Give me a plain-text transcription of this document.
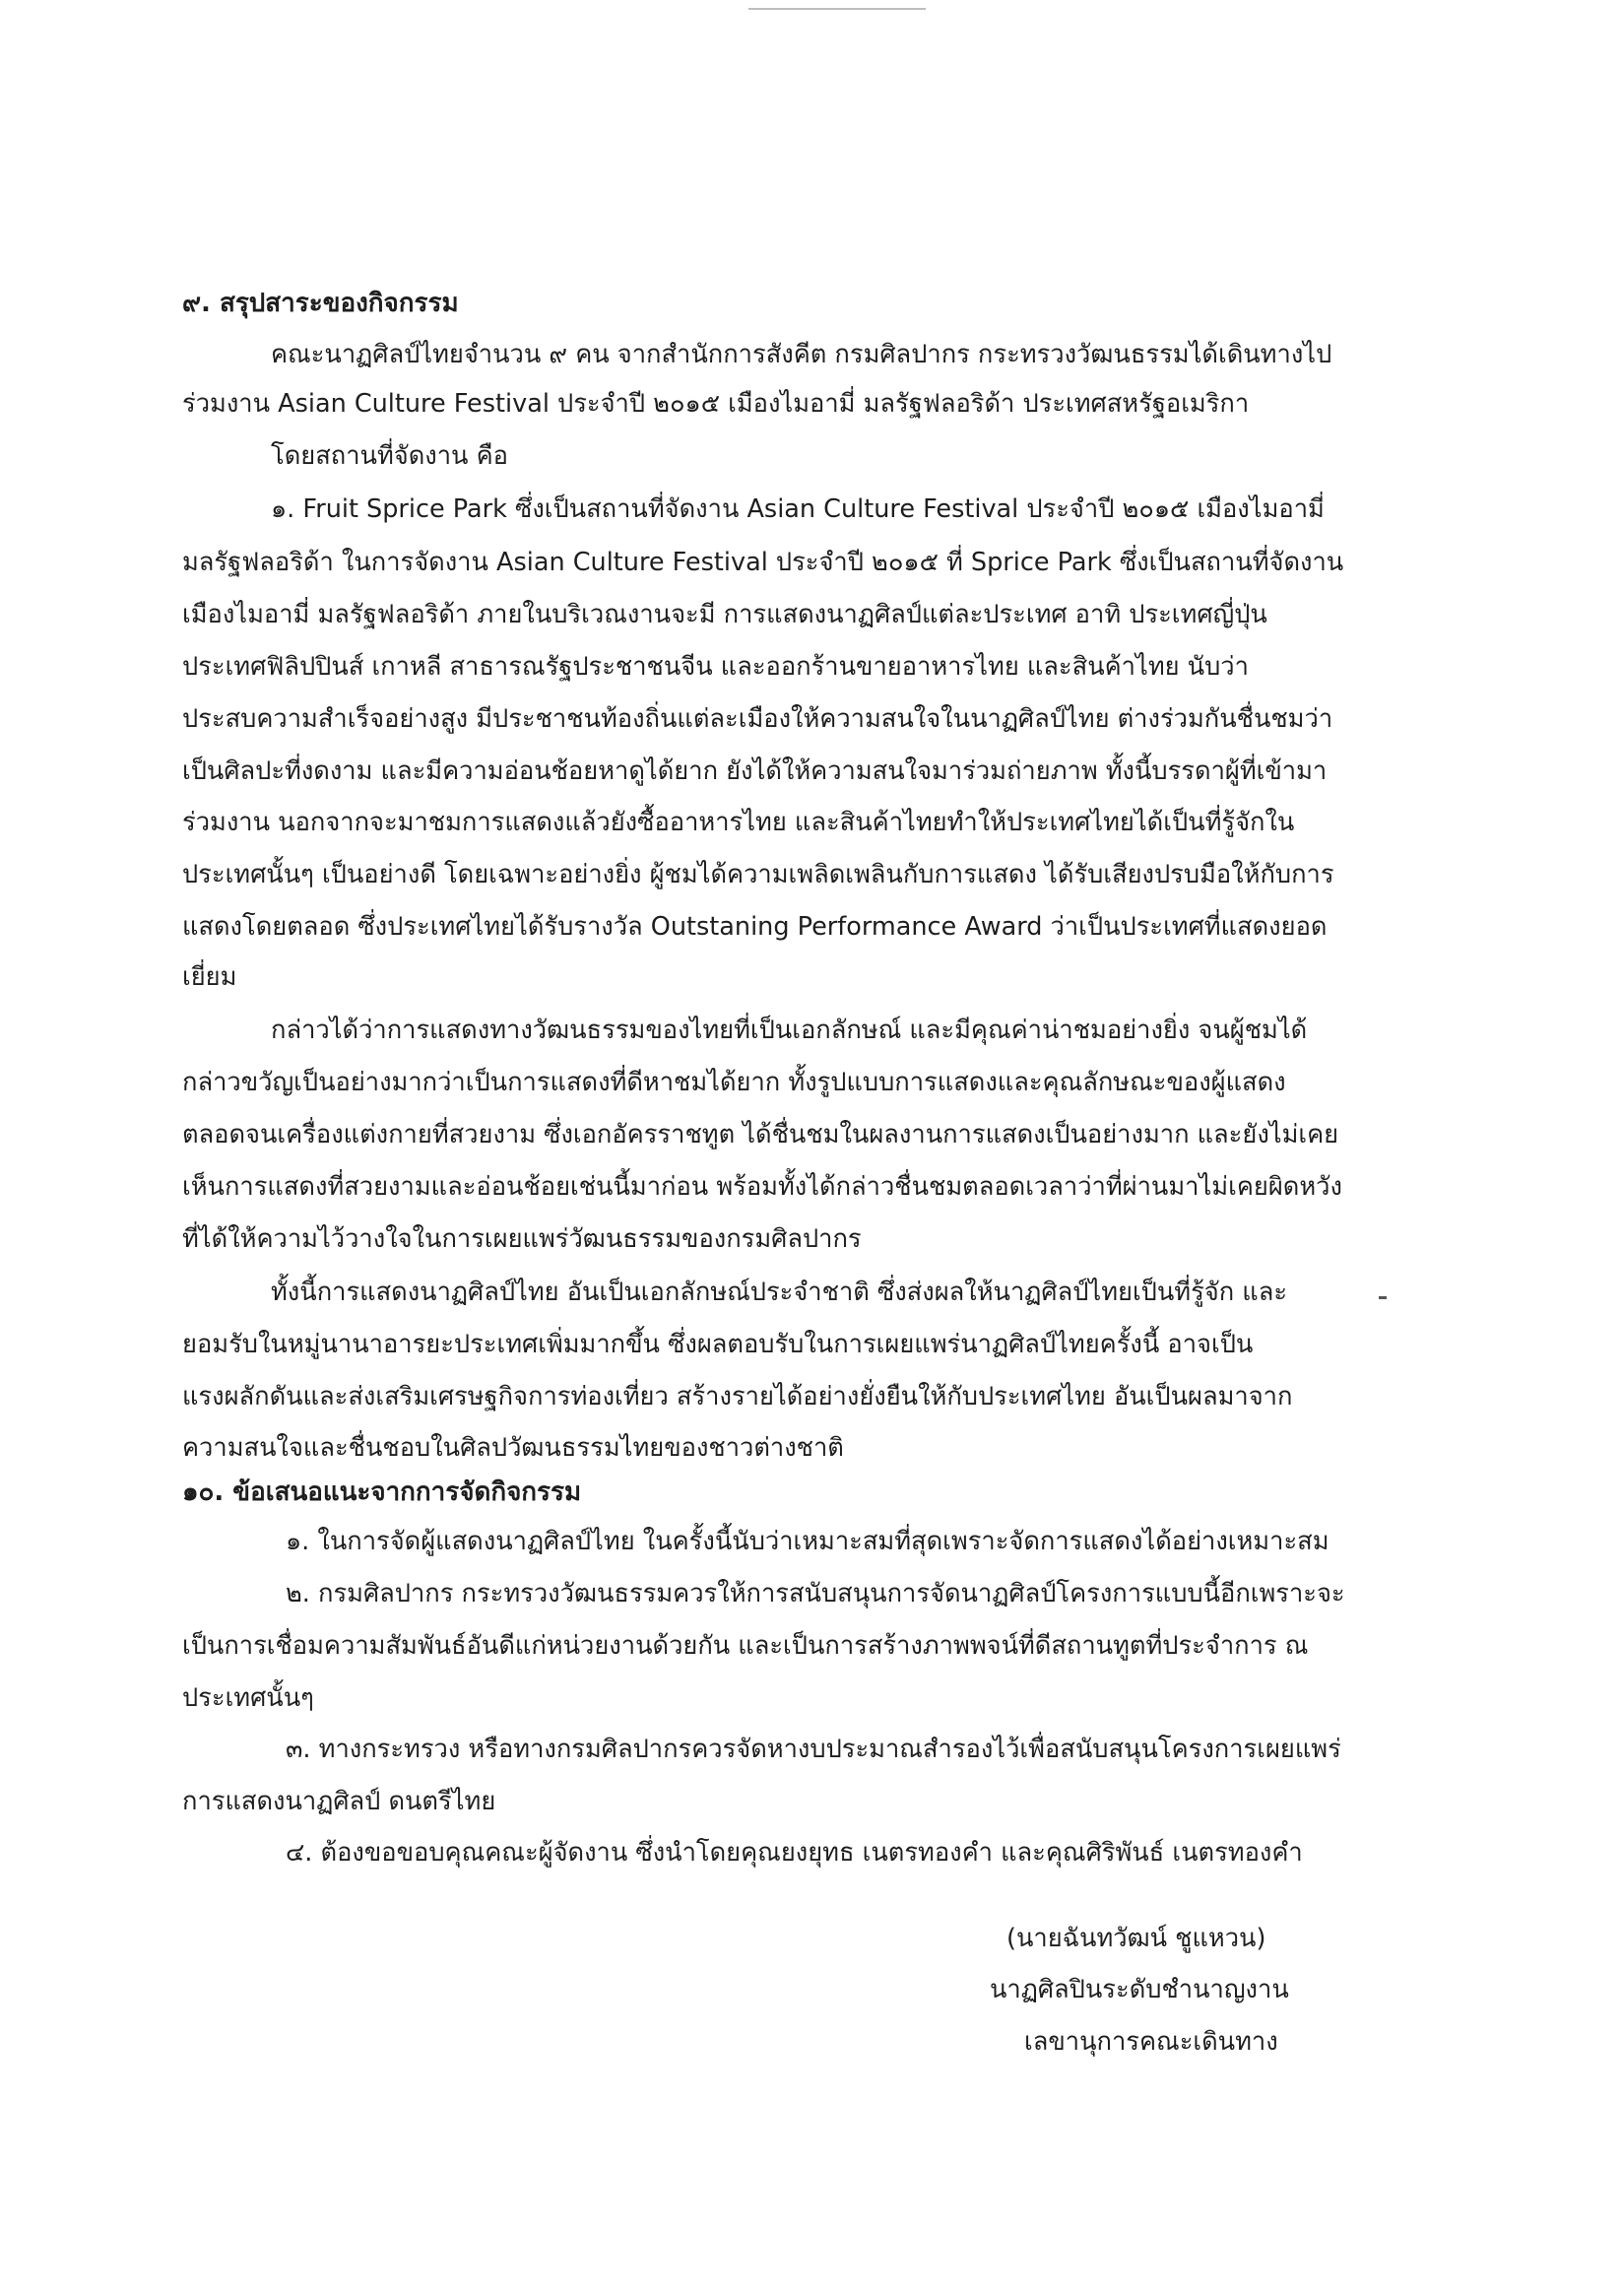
๙. สรุปสาระของกิจกรรม
คณะนาฏศิลป์ไทยจำนวน ๙ คน จากสำนักการสังคีต กรมศิลปากร กระทรวงวัฒนธรรมได้เดินทางไป
ร่วมงาน Asian Culture Festival ประจำปี ๒๐๑๕ เมืองไมอามี่ มลรัฐฟลอริด้า ประเทศสหรัฐอเมริกา
โดยสถานที่จัดงาน คือ
๑. Fruit Sprice Park ซึ่งเป็นสถานที่จัดงาน Asian Culture Festival ประจำปี ๒๐๑๕ เมืองไมอามี่
มลรัฐฟลอริด้า ในการจัดงาน Asian Culture Festival ประจำปี ๒๐๑๕ ที่ Sprice Park ซึ่งเป็นสถานที่จัดงาน
เมืองไมอามี่ มลรัฐฟลอริด้า ภายในบริเวณงานจะมี การแสดงนาฏศิลป์แต่ละประเทศ อาทิ ประเทศญี่ปุ่น
ประเทศฟิลิปปินส์ เกาหลี สาธารณรัฐประชาชนจีน และออกร้านขายอาหารไทย และสินค้าไทย นับว่า
ประสบความสำเร็จอย่างสูง มีประชาชนท้องถิ่นแต่ละเมืองให้ความสนใจในนาฏศิลป์ไทย ต่างร่วมกันชื่นชมว่า
เป็นศิลปะที่งดงาม และมีความอ่อนช้อยหาดูได้ยาก ยังได้ให้ความสนใจมาร่วมถ่ายภาพ ทั้งนี้บรรดาผู้ที่เข้ามา
ร่วมงาน นอกจากจะมาชมการแสดงแล้วยังซื้ออาหารไทย และสินค้าไทยทำให้ประเทศไทยได้เป็นที่รู้จักใน
ประเทศนั้นๆ เป็นอย่างดี โดยเฉพาะอย่างยิ่ง ผู้ชมได้ความเพลิดเพลินกับการแสดง ได้รับเสียงปรบมือให้กับการ
แสดงโดยตลอด ซึ่งประเทศไทยได้รับรางวัล Outstaning Performance Award ว่าเป็นประเทศที่แสดงยอด
เยี่ยม
กล่าวได้ว่าการแสดงทางวัฒนธรรมของไทยที่เป็นเอกลักษณ์ และมีคุณค่าน่าชมอย่างยิ่ง จนผู้ชมได้
กล่าวขวัญเป็นอย่างมากว่าเป็นการแสดงที่ดีหาชมได้ยาก ทั้งรูปแบบการแสดงและคุณลักษณะของผู้แสดง
ตลอดจนเครื่องแต่งกายที่สวยงาม ซึ่งเอกอัครราชทูต ได้ชื่นชมในผลงานการแสดงเป็นอย่างมาก และยังไม่เคย
เห็นการแสดงที่สวยงามและอ่อนช้อยเช่นนี้มาก่อน พร้อมทั้งได้กล่าวชื่นชมตลอดเวลาว่าที่ผ่านมาไม่เคยผิดหวัง
ที่ได้ให้ความไว้วางใจในการเผยแพร่วัฒนธรรมของกรมศิลปากร
ทั้งนี้การแสดงนาฏศิลป์ไทย อันเป็นเอกลักษณ์ประจำชาติ ซึ่งส่งผลให้นาฏศิลป์ไทยเป็นที่รู้จัก และ
ยอมรับในหมู่นานาอารยะประเทศเพิ่มมากขึ้น ซึ่งผลตอบรับในการเผยแพร่นาฏศิลป์ไทยครั้งนี้ อาจเป็น
แรงผลักดันและส่งเสริมเศรษฐกิจการท่องเที่ยว สร้างรายได้อย่างยั่งยืนให้กับประเทศไทย อันเป็นผลมาจาก
ความสนใจและชื่นชอบในศิลปวัฒนธรรมไทยของชาวต่างชาติ
๑๐. ข้อเสนอแนะจากการจัดกิจกรรม
๑. ในการจัดผู้แสดงนาฏศิลป์ไทย ในครั้งนี้นับว่าเหมาะสมที่สุดเพราะจัดการแสดงได้อย่างเหมาะสม
๒. กรมศิลปากร กระทรวงวัฒนธรรมควรให้การสนับสนุนการจัดนาฏศิลป์โครงการแบบนี้อีกเพราะจะ
เป็นการเชื่อมความสัมพันธ์อันดีแก่หน่วยงานด้วยกัน และเป็นการสร้างภาพพจน์ที่ดีสถานทูตที่ประจำการ ณ
ประเทศนั้นๆ
๓. ทางกระทรวง หรือทางกรมศิลปากรควรจัดหางบประมาณสำรองไว้เพื่อสนับสนุนโครงการเผยแพร่
การแสดงนาฏศิลป์ ดนตรีไทย
๔. ต้องขอขอบคุณคณะผู้จัดงาน ซึ่งนำโดยคุณยงยุทธ เนตรทองคำ และคุณศิริพันธ์ เนตรทองคำ
(นายฉันทวัฒน์ ชูแหวน)
นาฏศิลปินระดับชำนาญงาน
เลขานุการคณะเดินทาง
